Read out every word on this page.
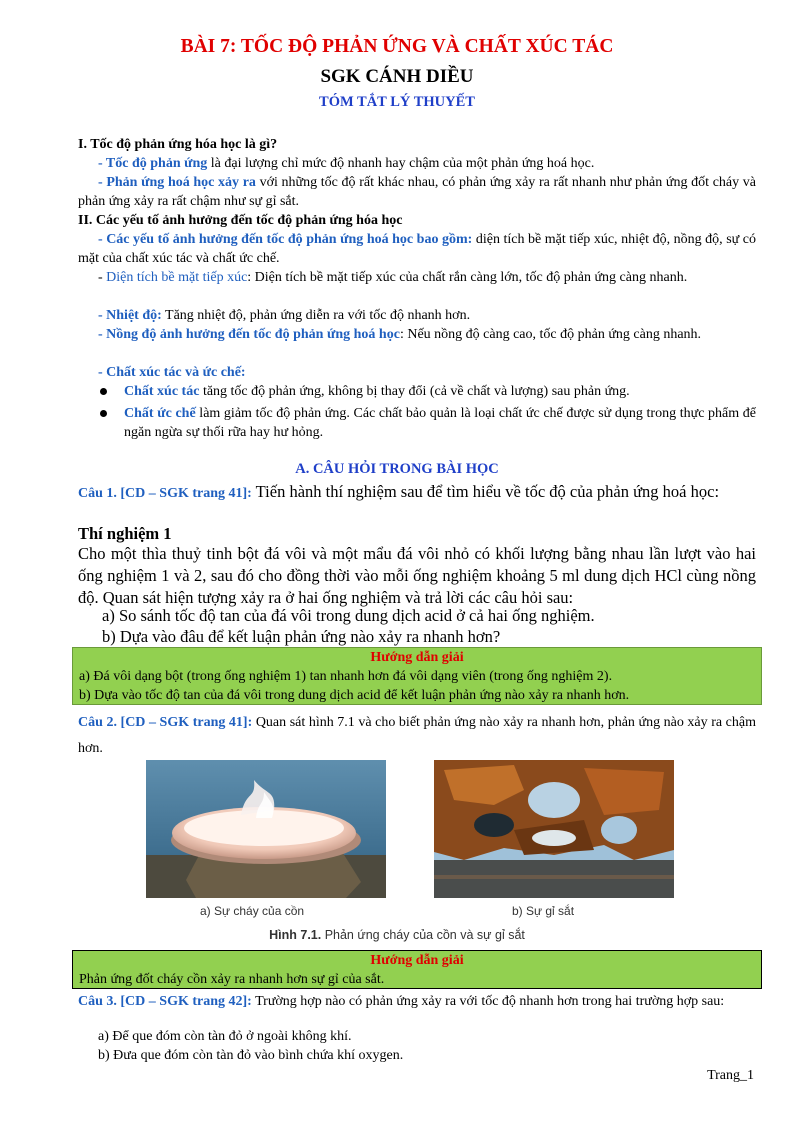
BÀI 7: TỐC ĐỘ PHẢN ỨNG VÀ CHẤT XÚC TÁC
SGK CÁNH DIỀU
TÓM TẮT LÝ THUYẾT
I. Tốc độ phản ứng hóa học là gì?
- Tốc độ phản ứng là đại lượng chỉ mức độ nhanh hay chậm của một phản ứng hoá học.
- Phản ứng hoá học xảy ra với những tốc độ rất khác nhau, có phản ứng xảy ra rất nhanh như phản ứng đốt cháy và phản ứng xảy ra rất chậm như sự gỉ sắt.
II. Các yếu tố ảnh hưởng đến tốc độ phản ứng hóa học
- Các yếu tố ảnh hưởng đến tốc độ phản ứng hoá học bao gồm: diện tích bề mặt tiếp xúc, nhiệt độ, nồng độ, sự có mặt của chất xúc tác và chất ức chế.
- Diện tích bề mặt tiếp xúc: Diện tích bề mặt tiếp xúc của chất rắn càng lớn, tốc độ phản ứng càng nhanh.
- Nhiệt độ: Tăng nhiệt độ, phản ứng diễn ra với tốc độ nhanh hơn.
- Nồng độ ảnh hưởng đến tốc độ phản ứng hoá học: Nếu nồng độ càng cao, tốc độ phản ứng càng nhanh.
- Chất xúc tác và ức chế:
Chất xúc tác tăng tốc độ phản ứng, không bị thay đổi (cả về chất và lượng) sau phản ứng.
Chất ức chế làm giảm tốc độ phản ứng. Các chất bảo quản là loại chất ức chế được sử dụng trong thực phẩm để ngăn ngừa sự thối rữa hay hư hỏng.
A. CÂU HỎI TRONG BÀI HỌC
Câu 1. [CD – SGK trang 41]: Tiến hành thí nghiệm sau để tìm hiểu về tốc độ của phản ứng hoá học:
Thí nghiệm 1
Cho một thìa thuỷ tinh bột đá vôi và một mẩu đá vôi nhỏ có khối lượng bằng nhau lần lượt vào hai ống nghiệm 1 và 2, sau đó cho đồng thời vào mỗi ống nghiệm khoảng 5 ml dung dịch HCl cùng nồng độ. Quan sát hiện tượng xảy ra ở hai ống nghiệm và trả lời các câu hỏi sau:
a) So sánh tốc độ tan của đá vôi trong dung dịch acid ở cả hai ống nghiệm.
b) Dựa vào đâu để kết luận phản ứng nào xảy ra nhanh hơn?
Hướng dẫn giải
a) Đá vôi dạng bột (trong ống nghiệm 1) tan nhanh hơn đá vôi dạng viên (trong ống nghiệm 2).
b) Dựa vào tốc độ tan của đá vôi trong dung dịch acid để kết luận phản ứng nào xảy ra nhanh hơn.
Câu 2. [CD – SGK trang 41]: Quan sát hình 7.1 và cho biết phản ứng nào xảy ra nhanh hơn, phản ứng nào xảy ra chậm hơn.
a) Sự cháy của cồn	b) Sự gỉ sắt
Hình 7.1. Phản ứng cháy của cồn và sự gỉ sắt
Hướng dẫn giải
Phản ứng đốt cháy cồn xảy ra nhanh hơn sự gỉ của sắt.
Câu 3. [CD – SGK trang 42]: Trường hợp nào có phản ứng xảy ra với tốc độ nhanh hơn trong hai trường hợp sau:
a) Để que đóm còn tàn đỏ ở ngoài không khí.
b) Đưa que đóm còn tàn đỏ vào bình chứa khí oxygen.
Trang_1
